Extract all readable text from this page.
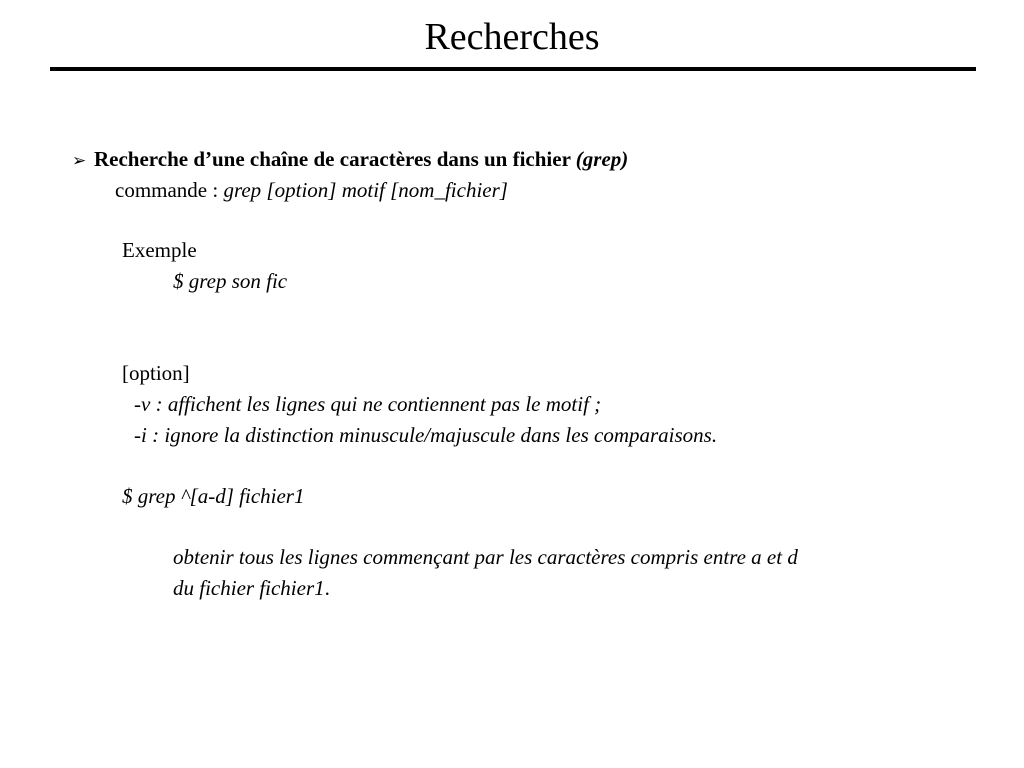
Recherches
➢ Recherche d’une chaîne de caractères dans un fichier (grep)
commande : grep [option] motif [nom_fichier]
Exemple
$ grep son fic
[option]
-v : affichent les lignes qui ne contiennent pas le motif ;
-i : ignore la distinction minuscule/majuscule dans les comparaisons.
$ grep ^[a-d] fichier1
obtenir tous les lignes commençant par les caractères compris entre a et d
du fichier fichier1.
